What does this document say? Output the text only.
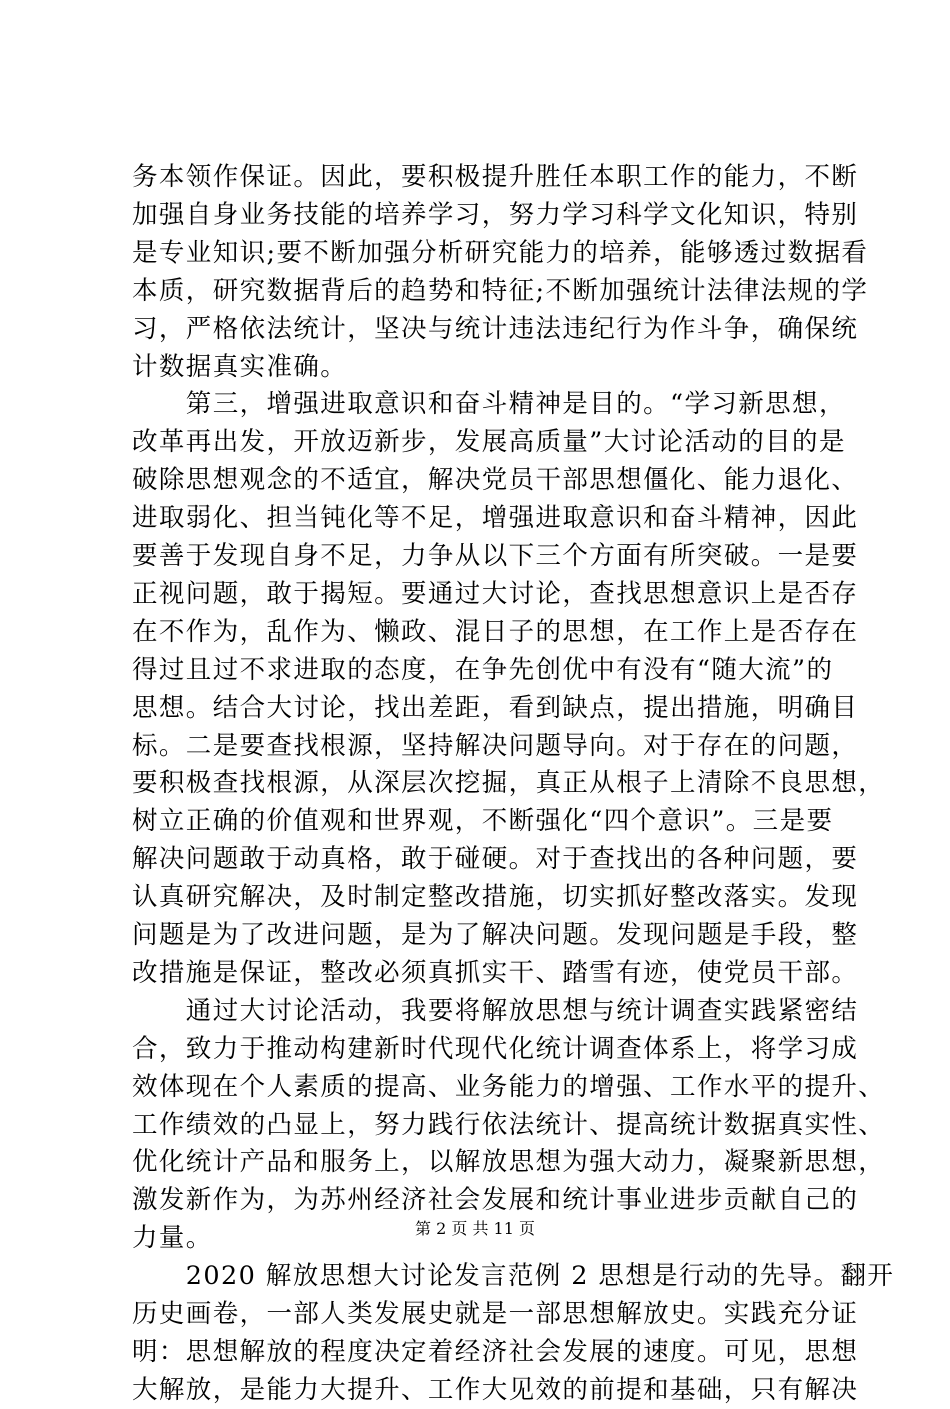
务本领作保证。因此，要积极提升胜任本职工作的能力，不断
加强自身业务技能的培养学习，努力学习科学文化知识，特别
是专业知识;要不断加强分析研究能力的培养，能够透过数据看
本质，研究数据背后的趋势和特征;不断加强统计法律法规的学
习，严格依法统计，坚决与统计违法违纪行为作斗争，确保统
计数据真实准确。
　　第三，增强进取意识和奋斗精神是目的。“学习新思想，
改革再出发，开放迈新步，发展高质量”大讨论活动的目的是
破除思想观念的不适宜，解决党员干部思想僵化、能力退化、
进取弱化、担当钝化等不足，增强进取意识和奋斗精神，因此
要善于发现自身不足，力争从以下三个方面有所突破。一是要
正视问题，敢于揭短。要通过大讨论，查找思想意识上是否存
在不作为，乱作为、懒政、混日子的思想，在工作上是否存在
得过且过不求进取的态度，在争先创优中有没有“随大流”的
思想。结合大讨论，找出差距，看到缺点，提出措施，明确目
标。二是要查找根源，坚持解决问题导向。对于存在的问题，
要积极查找根源，从深层次挖掘，真正从根子上清除不良思想，
树立正确的价值观和世界观，不断强化“四个意识”。三是要
解决问题敢于动真格，敢于碰硬。对于查找出的各种问题，要
认真研究解决，及时制定整改措施，切实抓好整改落实。发现
问题是为了改进问题，是为了解决问题。发现问题是手段，整
改措施是保证，整改必须真抓实干、踏雪有迹，使党员干部。
　　通过大讨论活动，我要将解放思想与统计调查实践紧密结
合，致力于推动构建新时代现代化统计调查体系上，将学习成
效体现在个人素质的提高、业务能力的增强、工作水平的提升、
工作绩效的凸显上，努力践行依法统计、提高统计数据真实性、
优化统计产品和服务上，以解放思想为强大动力，凝聚新思想，
激发新作为，为苏州经济社会发展和统计事业进步贡献自己的
力量。
　　2020 解放思想大讨论发言范例 2 思想是行动的先导。翻开
历史画卷，一部人类发展史就是一部思想解放史。实践充分证
明：思想解放的程度决定着经济社会发展的速度。可见，思想
大解放，是能力大提升、工作大见效的前提和基础，只有解决
第 2 页 共 11 页
